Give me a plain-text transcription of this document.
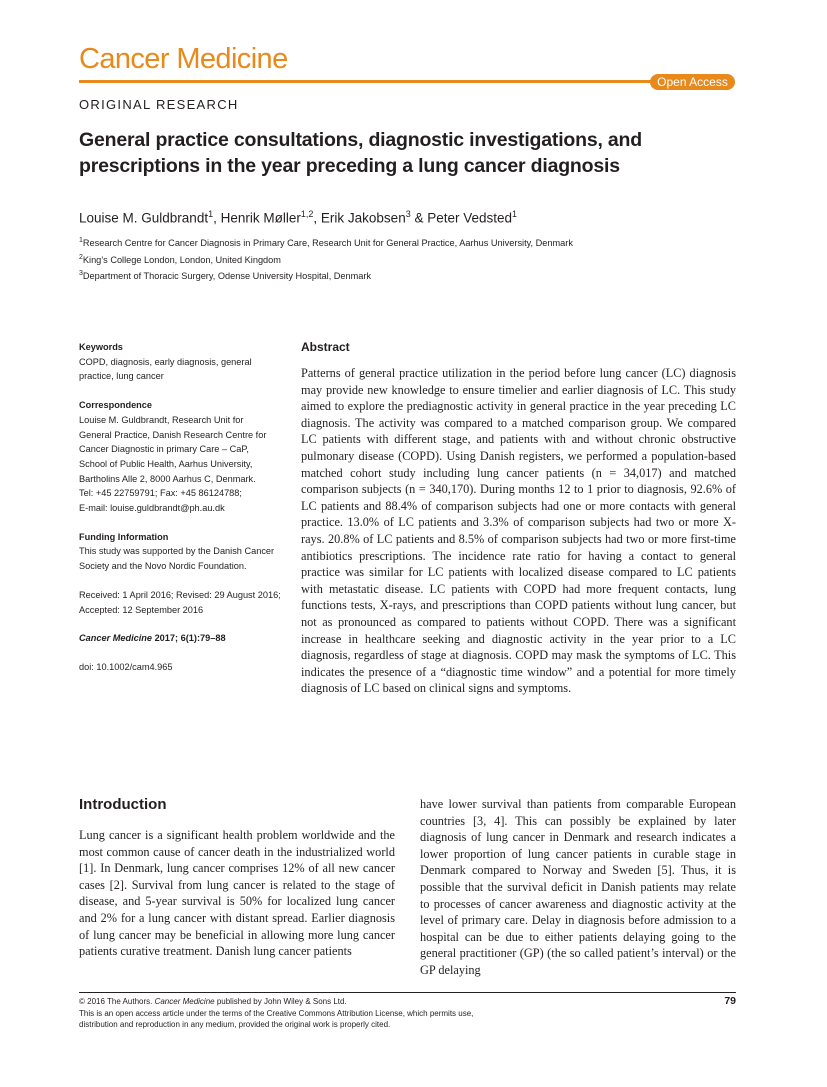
Cancer Medicine
Open Access
ORIGINAL RESEARCH
General practice consultations, diagnostic investigations, and prescriptions in the year preceding a lung cancer diagnosis
Louise M. Guldbrandt$^1$, Henrik Møller$^{1,2}$, Erik Jakobsen$^3$ & Peter Vedsted$^1$
$^1$Research Centre for Cancer Diagnosis in Primary Care, Research Unit for General Practice, Aarhus University, Denmark
$^2$King’s College London, London, United Kingdom
$^3$Department of Thoracic Surgery, Odense University Hospital, Denmark
Keywords
COPD, diagnosis, early diagnosis, general practice, lung cancer
Correspondence
Louise M. Guldbrandt, Research Unit for
General Practice, Danish Research Centre for
Cancer Diagnostic in primary Care – CaP,
School of Public Health, Aarhus University,
Bartholins Alle 2, 8000 Aarhus C, Denmark.
Tel: +45 22759791; Fax: +45 86124788;
E-mail: louise.guldbrandt@ph.au.dk
Funding Information
This study was supported by the Danish Cancer Society and the Novo Nordic Foundation.
Received: 1 April 2016; Revised: 29 August 2016; Accepted: 12 September 2016
Cancer Medicine 2017; 6(1):79–88
doi: 10.1002/cam4.965
Abstract

Patterns of general practice utilization in the period before lung cancer (LC) diagnosis may provide new knowledge to ensure timelier and earlier diagnosis of LC. This study aimed to explore the prediagnostic activity in general practice in the year preceding LC diagnosis. The activity was compared to a matched comparison group. We compared LC patients with different stage, and patients with and without chronic obstructive pulmonary disease (COPD). Using Danish registers, we performed a population-based matched cohort study including lung cancer patients (n = 34,017) and matched comparison subjects (n = 340,170). During months 12 to 1 prior to diagnosis, 92.6% of LC patients and 88.4% of comparison subjects had one or more contacts with general practice. 13.0% of LC patients and 3.3% of comparison subjects had two or more X-rays. 20.8% of LC patients and 8.5% of comparison subjects had two or more first-time antibiotics prescriptions. The incidence rate ratio for having a contact to general practice was similar for LC patients with localized disease compared to LC patients with metastatic disease. LC patients with COPD had more frequent contacts, lung functions tests, X-rays, and prescriptions than COPD patients without lung cancer, but not as pronounced as compared to patients without COPD. There was a significant increase in healthcare seeking and diagnostic activity in the year prior to a LC diagnosis, regardless of stage at diagnosis. COPD may mask the symptoms of LC. This indicates the presence of a “diagnostic time window” and a potential for more timely diagnosis of LC based on clinical signs and symptoms.

Introduction

Lung cancer is a significant health problem worldwide and the most common cause of cancer death in the industrialized world [1]. In Denmark, lung cancer comprises 12% of all new cancer cases [2]. Survival from lung cancer is related to the stage of disease, and 5-year survival is 50% for localized lung cancer and 2% for a lung cancer with distant spread. Earlier diagnosis of lung cancer may be beneficial in allowing more lung cancer patients curative treatment. Danish lung cancer patients

have lower survival than patients from comparable European countries [3, 4]. This can possibly be explained by later diagnosis of lung cancer in Denmark and research indicates a lower proportion of lung cancer patients in curable stage in Denmark compared to Norway and Sweden [5]. Thus, it is possible that the survival deficit in Danish patients may relate to processes of cancer awareness and diagnostic activity at the level of primary care. Delay in diagnosis before admission to a hospital can be due to either patients delaying going to the general practitioner (GP) (the so called patient’s interval) or the GP delaying

© 2016 The Authors. Cancer Medicine published by John Wiley & Sons Ltd.
This is an open access article under the terms of the Creative Commons Attribution License, which permits use,
distribution and reproduction in any medium, provided the original work is properly cited.
79
